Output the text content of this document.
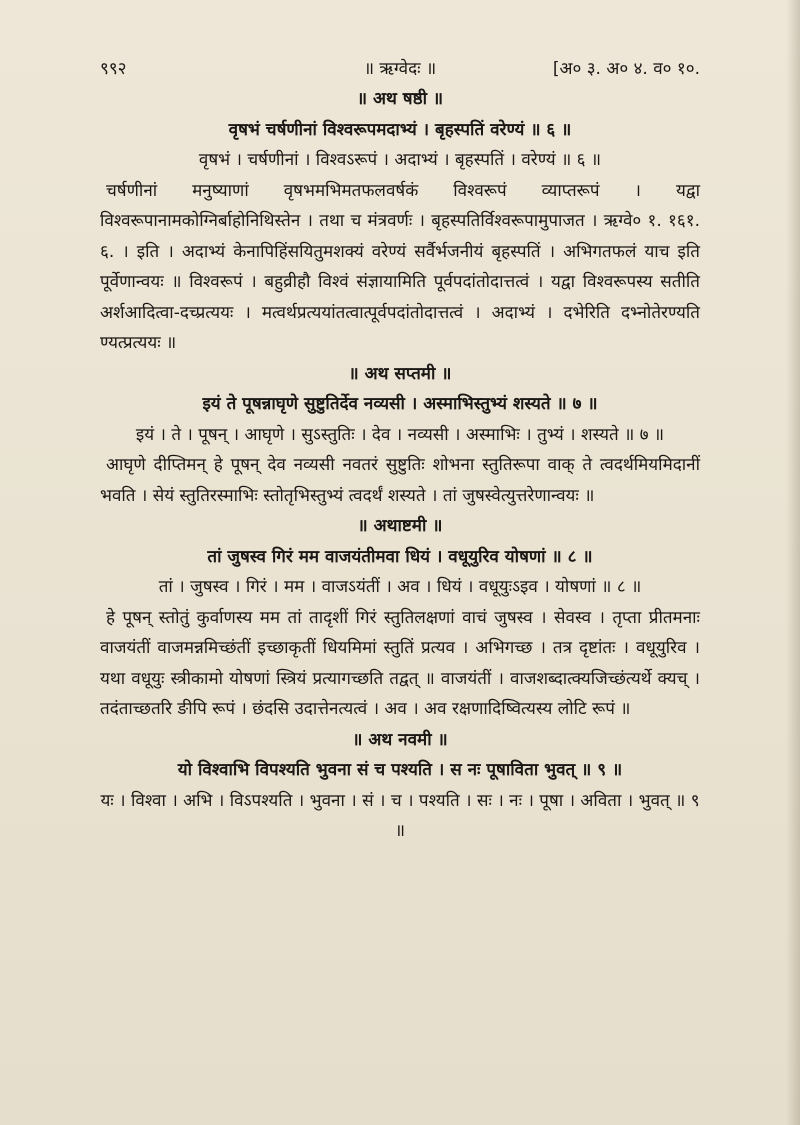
९९२	॥ ऋग्वेदः ॥	[अ० ३. अ० ४. व० १०.
॥ अथ षष्ठी ॥
वृषभं चर्षणीनां विश्वरूपमदाभ्यं । बृहस्पतिं वरेण्यं ॥ ६ ॥
वृषभं । चर्षणीनां । विश्वऽरूपं । अदाभ्यं । बृहस्पतिं । वरेण्यं ॥ ६ ॥
चर्षणीनां मनुष्याणां वृषभमभिमतफलवर्षकं विश्वरूपं व्याप्तरूपं । यद्वा विश्वरूपानामकोग्निर्बाहोनिथिस्तेन । तथा च मंत्रवर्णः । बृहस्पतिर्विश्वरूपामुपाजत । ऋग्वे० १. १६१. ६. । इति । अदाभ्यं केनापिहिंसयितुमशक्यं वरेण्यं सर्वैर्भजनीयं बृहस्पतिं । अभिगतफलं याच इति पूर्वेणान्वयः ॥ विश्वरूपं । बहुव्रीहौ विश्वं संज्ञायामिति पूर्वपदांतोदात्तत्वं । यद्वा विश्वरूपस्य सतीति अर्शआदित्वा-दच्प्रत्ययः । मत्वर्थप्रत्ययांतत्वात्पूर्वपदांतोदात्तत्वं । अदाभ्यं । दभेरिति दभ्नोतेरण्यति ण्यत्प्रत्ययः ॥
॥ अथ सप्तमी ॥
इयं ते पूषन्नाघृणे सुष्टुतिर्देव नव्यसी । अस्माभिस्तुभ्यं शस्यते ॥ ७ ॥
इयं । ते । पूषन् । आघृणे । सुऽस्तुतिः । देव । नव्यसी । अस्माभिः । तुभ्यं । शस्यते ॥ ७ ॥
आघृणे दीप्तिमन् हे पूषन् देव नव्यसी नवतरं सुष्टुतिः शोभना स्तुतिरूपा वाक् ते त्वदर्थमियमिदानीं भवति । सेयं स्तुतिरस्माभिः स्तोतृभिस्तुभ्यं त्वदर्थं शस्यते । तां जुषस्वेत्युत्तरेणान्वयः ॥
॥ अथाष्टमी ॥
तां जुषस्व गिरं मम वाजयंतीमवा धियं । वधूयुरिव योषणां ॥ ८ ॥
तां । जुषस्व । गिरं । मम । वाजऽयंतीं । अव । धियं । वधूयुःऽइव । योषणां ॥ ८ ॥
हे पूषन् स्तोतुं कुर्वाणस्य मम तां तादृशीं गिरं स्तुतिलक्षणां वाचं जुषस्व । सेवस्व । तृप्ता प्रीतमनाः वाजयंतीं वाजमन्नमिच्छंतीं इच्छाकृतीं धियमिमां स्तुतिं प्रत्यव । अभिगच्छ । तत्र दृष्टांतः । वधूयुरिव । यथा वधूयुः स्त्रीकामो योषणां स्त्रियं प्रत्यागच्छति तद्वत् ॥ वाजयंतीं । वाजशब्दात्क्यजिच्छंत्यर्थे क्यच् । तदंताच्छतरि ङीपि रूपं । छंदसि उदात्तेनत्यत्वं । अव । अव रक्षणादिष्वित्यस्य लोटि रूपं ॥
॥ अथ नवमी ॥
यो विश्वाभि विपश्यति भुवना सं च पश्यति । स नः पूषाविता भुवत् ॥ ९ ॥
यः । विश्वा । अभि । विऽपश्यति । भुवना । सं । च । पश्यति । सः । नः । पूषा । अविता । भुवत् ॥ ९ ॥
